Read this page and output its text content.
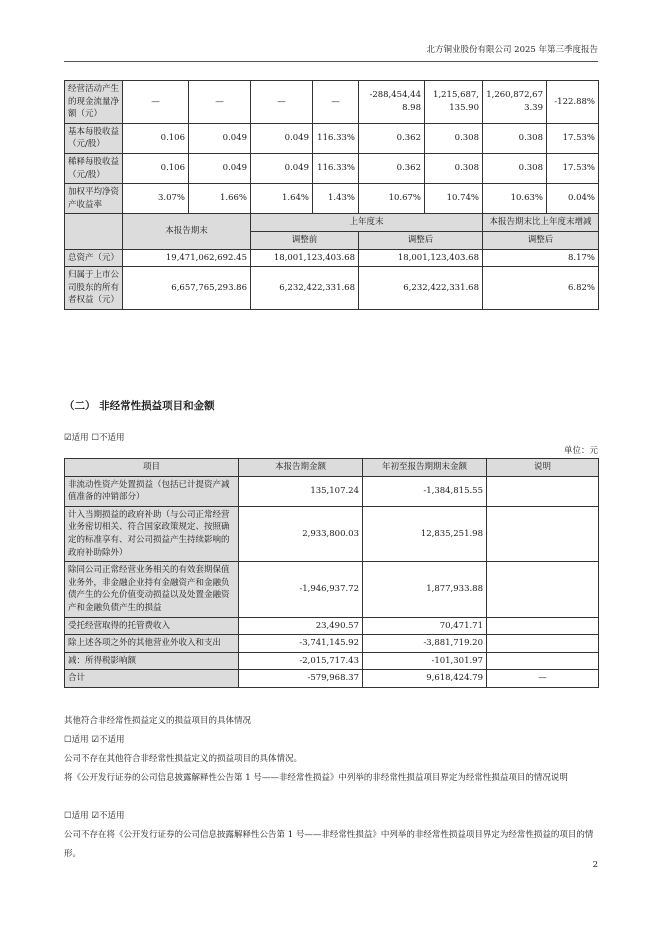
北方铜业股份有限公司 2025 年第三季度报告
经营活动产生的现金流量净额（元）	—	—	—	—	-288,454,448.98	1,215,687,135.90	1,260,872,673.39	-122.88%
基本每股收益（元/股）	0.106	0.049	0.049	116.33%	0.362	0.308	0.308	17.53%
稀释每股收益（元/股）	0.106	0.049	0.049	116.33%	0.362	0.308	0.308	17.53%
加权平均净资产收益率	3.07%	1.66%	1.64%	1.43%	10.67%	10.74%	10.63%	0.04%
	本报告期末		上年度末				本报告期末比上年度末增减	
			调整前		调整后		调整后	
总资产（元）	19,471,062,692.45		18,001,123,403.68		18,001,123,403.68		8.17%	
归属于上市公司股东的所有者权益（元）	6,657,765,293.86		6,232,422,331.68		6,232,422,331.68		6.82%	
（二） 非经常性损益项目和金额
☑适用 ☐不适用
单位：元
项目	本报告期金额	年初至报告期期末金额	说明
非流动性资产处置损益（包括已计提资产减值准备的冲销部分）	135,107.24	-1,384,815.55	
计入当期损益的政府补助（与公司正常经营业务密切相关、符合国家政策规定、按照确定的标准享有、对公司损益产生持续影响的政府补助除外）	2,933,800.03	12,835,251.98	
除同公司正常经营业务相关的有效套期保值业务外，非金融企业持有金融资产和金融负债产生的公允价值变动损益以及处置金融资产和金融负债产生的损益	-1,946,937.72	1,877,933.88	
受托经营取得的托管费收入	23,490.57	70,471.71	
除上述各项之外的其他营业外收入和支出	-3,741,145.92	-3,881,719.20	
减：所得税影响额	-2,015,717.43	-101,301.97	
合计	-579,968.37	9,618,424.79	—
其他符合非经常性损益定义的损益项目的具体情况
☐适用 ☑不适用
公司不存在其他符合非经常性损益定义的损益项目的具体情况。
将《公开发行证券的公司信息披露解释性公告第 1 号——非经常性损益》中列举的非经常性损益项目界定为经常性损益项目的情况说明
☐适用 ☑不适用
公司不存在将《公开发行证券的公司信息披露解释性公告第 1 号——非经常性损益》中列举的非经常性损益项目界定为经常性损益的项目的情形。
2
